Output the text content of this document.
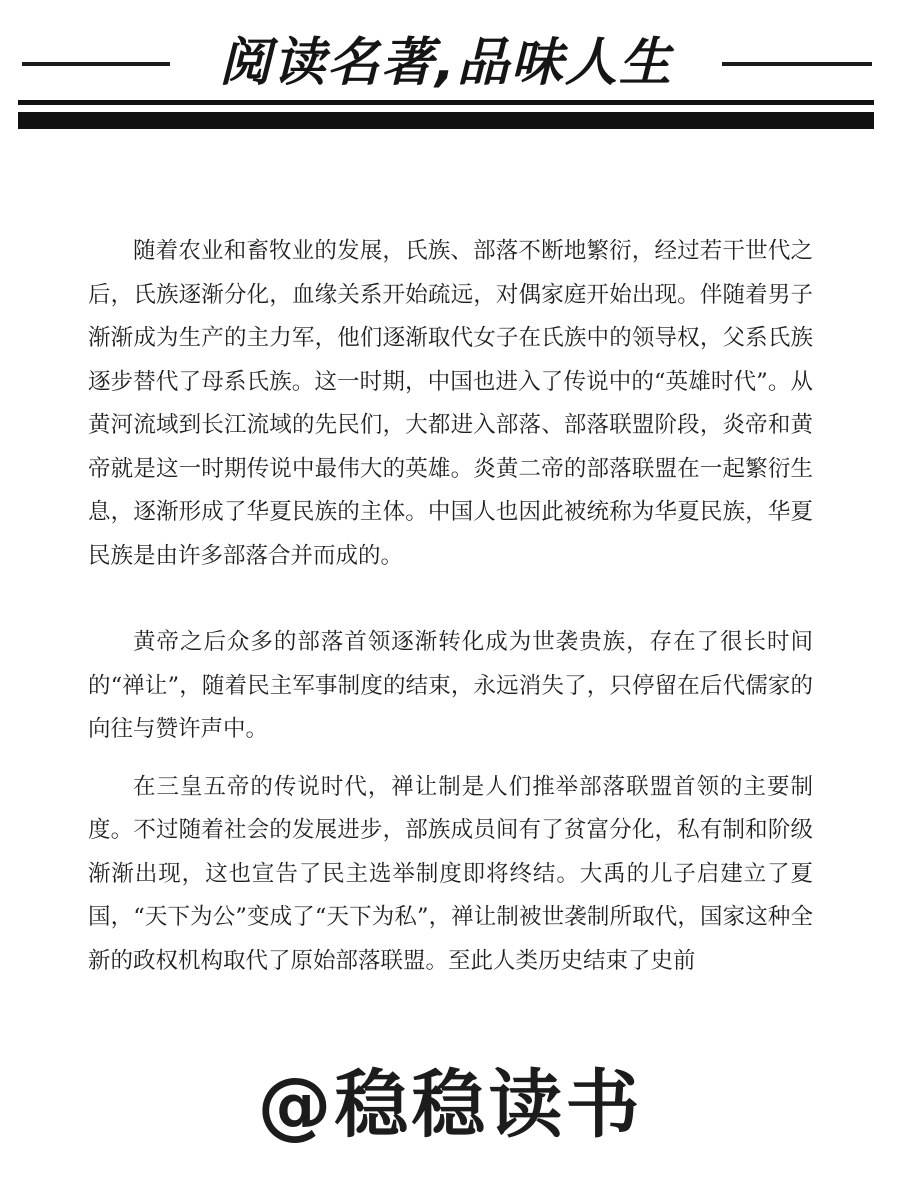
阅读名著,品味人生

随着农业和畜牧业的发展，氏族、部落不断地繁衍，经过若干世代之后，氏族逐渐分化，血缘关系开始疏远，对偶家庭开始出现。伴随着男子渐渐成为生产的主力军，他们逐渐取代女子在氏族中的领导权，父系氏族逐步替代了母系氏族。这一时期，中国也进入了传说中的“英雄时代”。从黄河流域到长江流域的先民们，大都进入部落、部落联盟阶段，炎帝和黄帝就是这一时期传说中最伟大的英雄。炎黄二帝的部落联盟在一起繁衍生息，逐渐形成了华夏民族的主体。中国人也因此被统称为华夏民族，华夏民族是由许多部落合并而成的。

黄帝之后众多的部落首领逐渐转化成为世袭贵族，存在了很长时间的“禅让”，随着民主军事制度的结束，永远消失了，只停留在后代儒家的向往与赞许声中。

在三皇五帝的传说时代，禅让制是人们推举部落联盟首领的主要制度。不过随着社会的发展进步，部族成员间有了贫富分化，私有制和阶级渐渐出现，这也宣告了民主选举制度即将终结。大禹的儿子启建立了夏国，“天下为公”变成了“天下为私”，禅让制被世袭制所取代，国家这种全新的政权机构取代了原始部落联盟。至此人类历史结束了史前

@稳稳读书
